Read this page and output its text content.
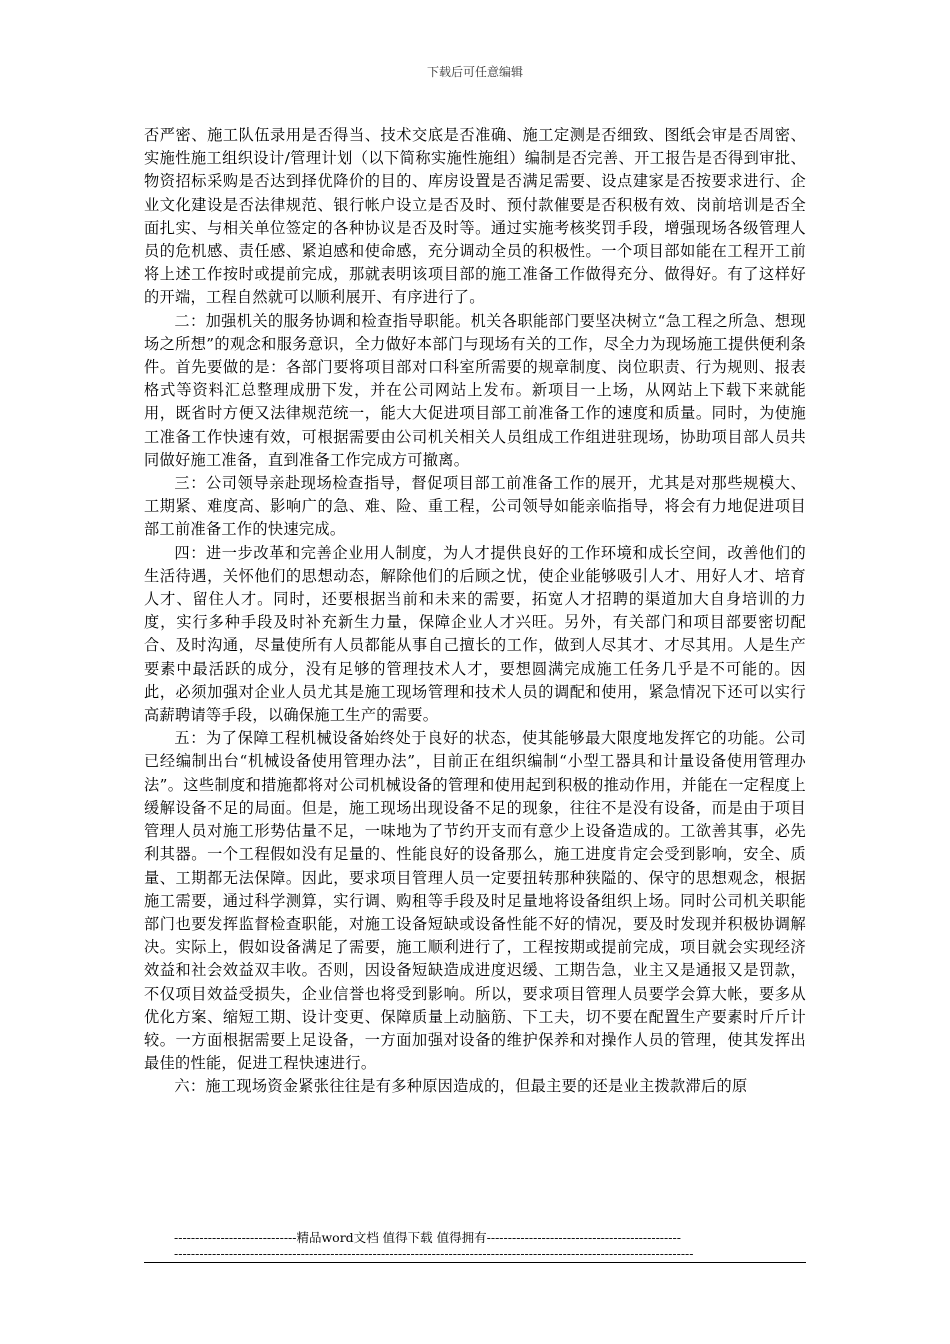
下载后可任意编辑

否严密、施工队伍录用是否得当、技术交底是否准确、施工定测是否细致、图纸会审是否周密、实施性施工组织设计/管理计划（以下简称实施性施组）编制是否完善、开工报告是否得到审批、物资招标采购是否达到择优降价的目的、库房设置是否满足需要、设点建家是否按要求进行、企业文化建设是否法律规范、银行帐户设立是否及时、预付款催要是否积极有效、岗前培训是否全面扎实、与相关单位签定的各种协议是否及时等。通过实施考核奖罚手段，增强现场各级管理人员的危机感、责任感、紧迫感和使命感，充分调动全员的积极性。一个项目部如能在工程开工前将上述工作按时或提前完成，那就表明该项目部的施工准备工作做得充分、做得好。有了这样好的开端，工程自然就可以顺利展开、有序进行了。

二：加强机关的服务协调和检查指导职能。机关各职能部门要坚决树立“急工程之所急、想现场之所想”的观念和服务意识，全力做好本部门与现场有关的工作，尽全力为现场施工提供便利条件。首先要做的是：各部门要将项目部对口科室所需要的规章制度、岗位职责、行为规则、报表格式等资料汇总整理成册下发，并在公司网站上发布。新项目一上场，从网站上下载下来就能用，既省时方便又法律规范统一，能大大促进项目部工前准备工作的速度和质量。同时，为使施工准备工作快速有效，可根据需要由公司机关相关人员组成工作组进驻现场，协助项目部人员共同做好施工准备，直到准备工作完成方可撤离。

三：公司领导亲赴现场检查指导，督促项目部工前准备工作的展开，尤其是对那些规模大、工期紧、难度高、影响广的急、难、险、重工程，公司领导如能亲临指导，将会有力地促进项目部工前准备工作的快速完成。

四：进一步改革和完善企业用人制度，为人才提供良好的工作环境和成长空间，改善他们的生活待遇，关怀他们的思想动态，解除他们的后顾之忧，使企业能够吸引人才、用好人才、培育人才、留住人才。同时，还要根据当前和未来的需要，拓宽人才招聘的渠道加大自身培训的力度，实行多种手段及时补充新生力量，保障企业人才兴旺。另外，有关部门和项目部要密切配合、及时沟通，尽量使所有人员都能从事自己擅长的工作，做到人尽其才、才尽其用。人是生产要素中最活跃的成分，没有足够的管理技术人才，要想圆满完成施工任务几乎是不可能的。因此，必须加强对企业人员尤其是施工现场管理和技术人员的调配和使用，紧急情况下还可以实行高薪聘请等手段，以确保施工生产的需要。

五：为了保障工程机械设备始终处于良好的状态，使其能够最大限度地发挥它的功能。公司已经编制出台“机械设备使用管理办法”，目前正在组织编制“小型工器具和计量设备使用管理办法”。这些制度和措施都将对公司机械设备的管理和使用起到积极的推动作用，并能在一定程度上缓解设备不足的局面。但是，施工现场出现设备不足的现象，往往不是没有设备，而是由于项目管理人员对施工形势估量不足，一味地为了节约开支而有意少上设备造成的。工欲善其事，必先利其器。一个工程假如没有足量的、性能良好的设备那么，施工进度肯定会受到影响，安全、质量、工期都无法保障。因此，要求项目管理人员一定要扭转那种狭隘的、保守的思想观念，根据施工需要，通过科学测算，实行调、购租等手段及时足量地将设备组织上场。同时公司机关职能部门也要发挥监督检查职能，对施工设备短缺或设备性能不好的情况，要及时发现并积极协调解决。实际上，假如设备满足了需要，施工顺利进行了，工程按期或提前完成，项目就会实现经济效益和社会效益双丰收。否则，因设备短缺造成进度迟缓、工期告急，业主又是通报又是罚款，不仅项目效益受损失，企业信誉也将受到影响。所以，要求项目管理人员要学会算大帐，要多从优化方案、缩短工期、设计变更、保障质量上动脑筋、下工夫，切不要在配置生产要素时斤斤计较。一方面根据需要上足设备，一方面加强对设备的维护保养和对操作人员的管理，使其发挥出最佳的性能，促进工程快速进行。

六：施工现场资金紧张往往是有多种原因造成的，但最主要的还是业主拨款滞后的原

-----------------------------精品word文档 值得下载 值得拥有----------------------------------------------
---------------------------------------------------------------------------------------------------------------------------
